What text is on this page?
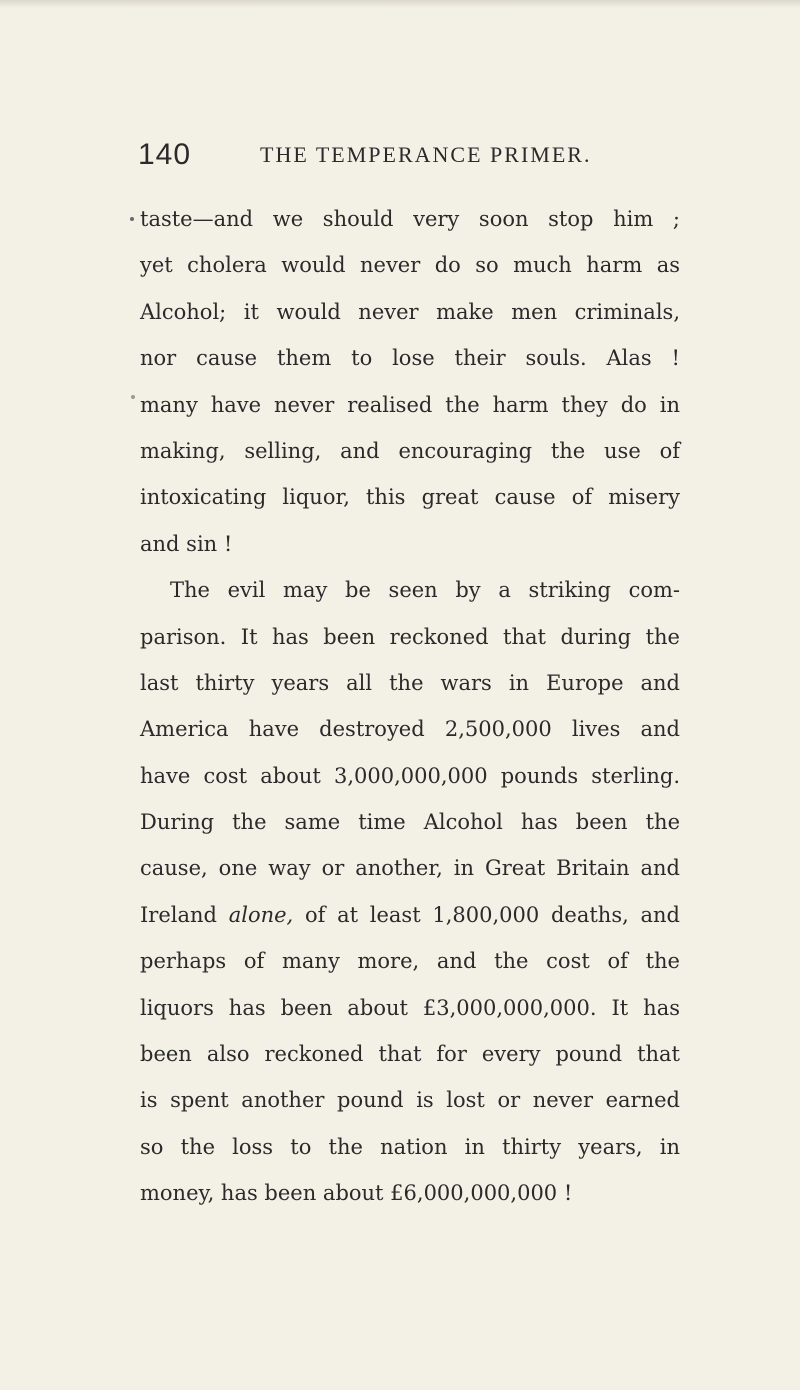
140	THE TEMPERANCE PRIMER.
taste—and we should very soon stop him ;
yet cholera would never do so much harm as
Alcohol; it would never make men criminals,
nor cause them to lose their souls. Alas !
many have never realised the harm they do in
making, selling, and encouraging the use of
intoxicating liquor, this great cause of misery
and sin !
The evil may be seen by a striking com-
parison. It has been reckoned that during the
last thirty years all the wars in Europe and
America have destroyed 2,500,000 lives and
have cost about 3,000,000,000 pounds sterling.
During the same time Alcohol has been the
cause, one way or another, in Great Britain and
Ireland alone, of at least 1,800,000 deaths, and
perhaps of many more, and the cost of the
liquors has been about £3,000,000,000. It has
been also reckoned that for every pound that
is spent another pound is lost or never earned
so the loss to the nation in thirty years, in
money, has been about £6,000,000,000 !
